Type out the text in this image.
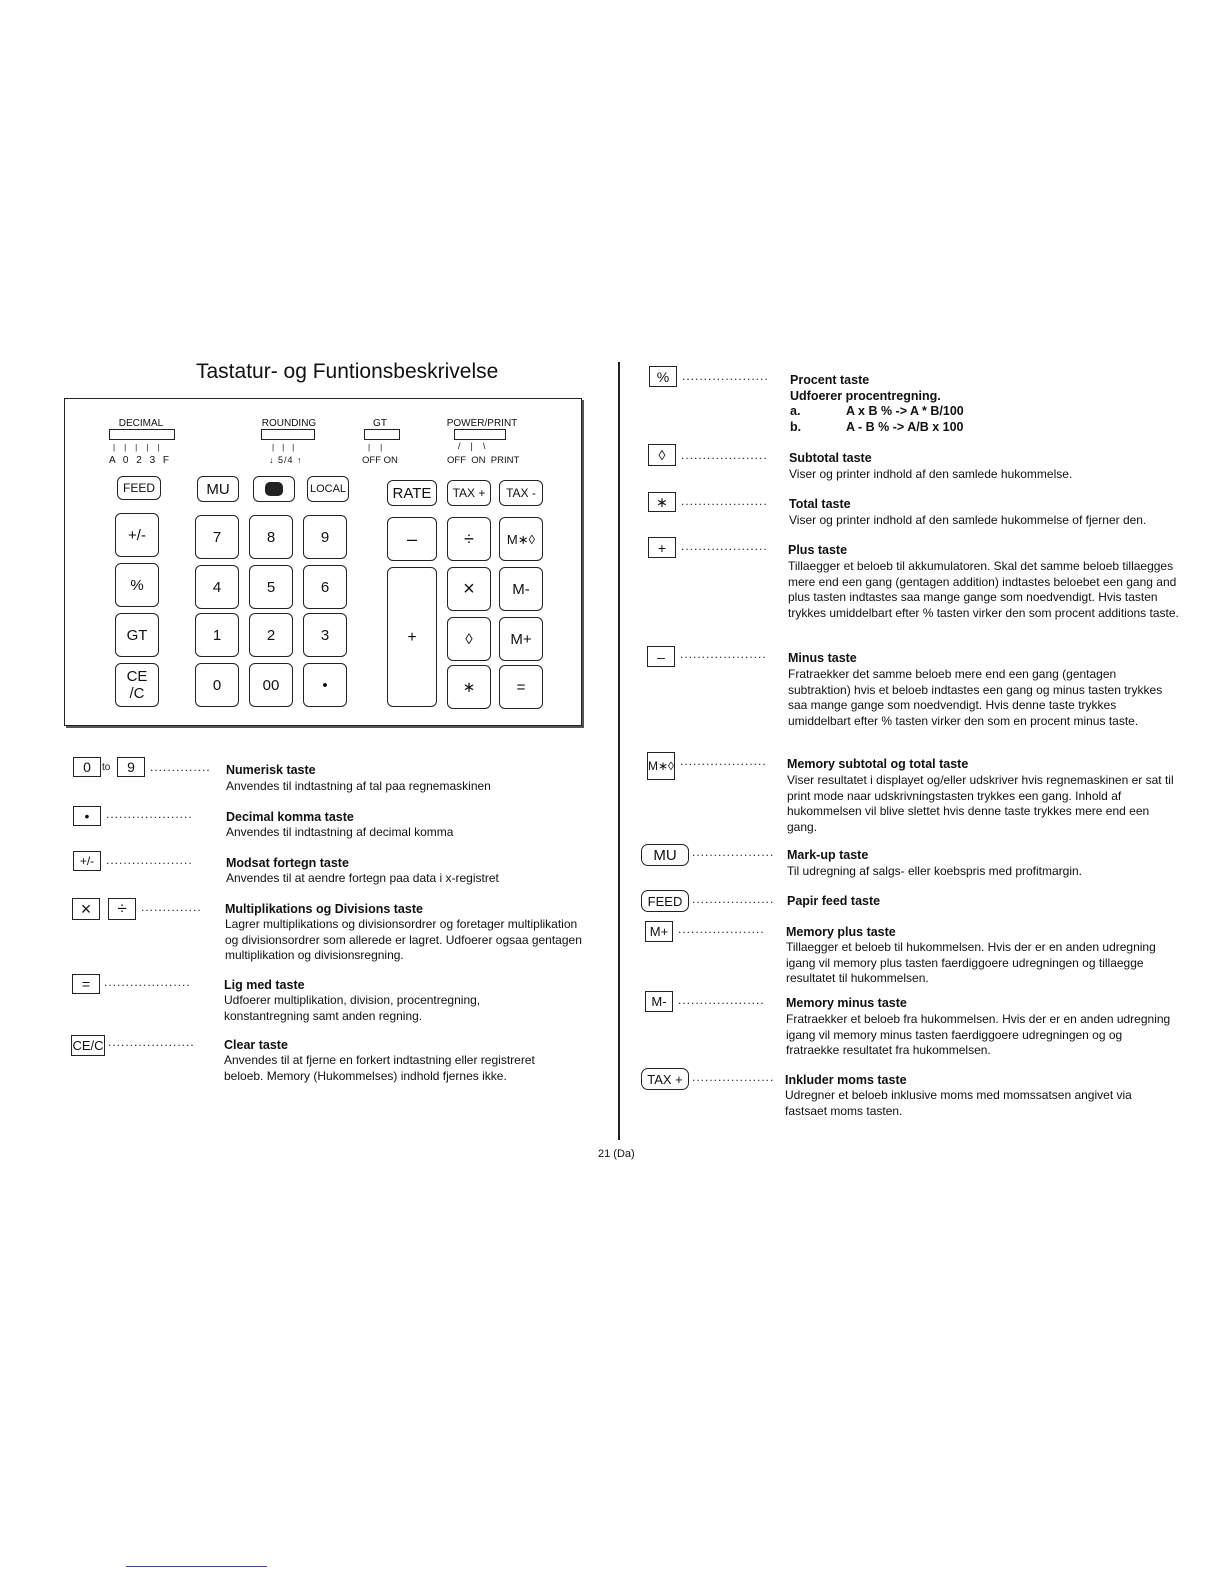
Tastatur- og Funtionsbeskrivelse
DECIMAL
|||||
A 0 2 3 F
ROUNDING
|||
↓ 5/4 ↑
GT
||
OFF ON
POWER/PRINT
/|\
OFF  ON  PRINT
FEED	MU	LOCAL	RATE	TAX +	TAX -
+/-
%
GT
CE
/C
7	8	9
4	5	6
1	2	3
0	00	•
–	÷	M∗◊
+
×	M-
◊	M+
∗	=
0	to	9	..............	Numerisk taste
Anvendes til indtastning af tal paa regnemaskinen
•	....................	Decimal komma taste
Anvendes til indtastning af decimal komma
+/- ....................	Modsat fortegn taste
Anvendes til at aendre fortegn paa data i x-registret
×	÷	..............	Multiplikations og Divisions taste
Lagrer multiplikations og divisionsordrer og foretager multiplikation og divisionsordrer som allerede er lagret. Udfoerer ogsaa gentagen multiplikation og divisionsregning.
=	....................	Lig med taste
Udfoerer multiplikation, division, procentregning, konstantregning samt anden regning.
CE/C ....................	Clear taste
Anvendes til at fjerne en forkert indtastning eller registreret beloeb. Memory (Hukommelses) indhold fjernes ikke.
21 (Da)
%	....................	Procent taste
Udfoerer procentregning.
a.	A x B % -> A * B/100
b.	A - B % -> A/B x 100
◊	....................	Subtotal taste
Viser og printer indhold af den samlede hukommelse.
∗	....................	Total taste
Viser og printer indhold af den samlede hukommelse of fjerner den.
+	....................	Plus taste
Tillaegger et beloeb til akkumulatoren. Skal det samme beloeb tillaegges mere end een gang (gentagen addition) indtastes beloebet een gang and plus tasten indtastes saa mange gange som noedvendigt. Hvis tasten trykkes umiddelbart efter % tasten virker den som procent additions taste.
–	....................	Minus taste
Fratraekker det samme beloeb mere end een gang (gentagen subtraktion) hvis et beloeb indtastes een gang og minus tasten trykkes saa mange gange som noedvendigt. Hvis denne taste trykkes umiddelbart efter % tasten virker den som en procent minus taste.
M∗◊ ....................	Memory subtotal og total taste
Viser resultatet i displayet og/eller udskriver hvis regnemaskinen er sat til print mode naar udskrivningstasten trykkes een gang. Inhold af hukommelsen vil blive slettet hvis denne taste trykkes mere end een gang.
MU	...................	Mark-up taste
Til udregning af salgs- eller koebspris med profitmargin.
FEED ...................	Papir feed taste
M+ ....................	Memory plus taste
Tillaegger et beloeb til hukommelsen. Hvis der er en anden udregning igang vil memory plus tasten faerdiggoere udregningen og tillaegge resultatet til hukommelsen.
M- ....................	Memory minus taste
Fratraekker et beloeb fra hukommelsen. Hvis der er en anden udregning igang vil memory minus tasten faerdiggoere udregningen og og fratraekke resultatet fra hukommelsen.
TAX + ................... Inkluder moms taste
Udregner et beloeb inklusive moms med momssatsen angivet via fastsaet moms tasten.
